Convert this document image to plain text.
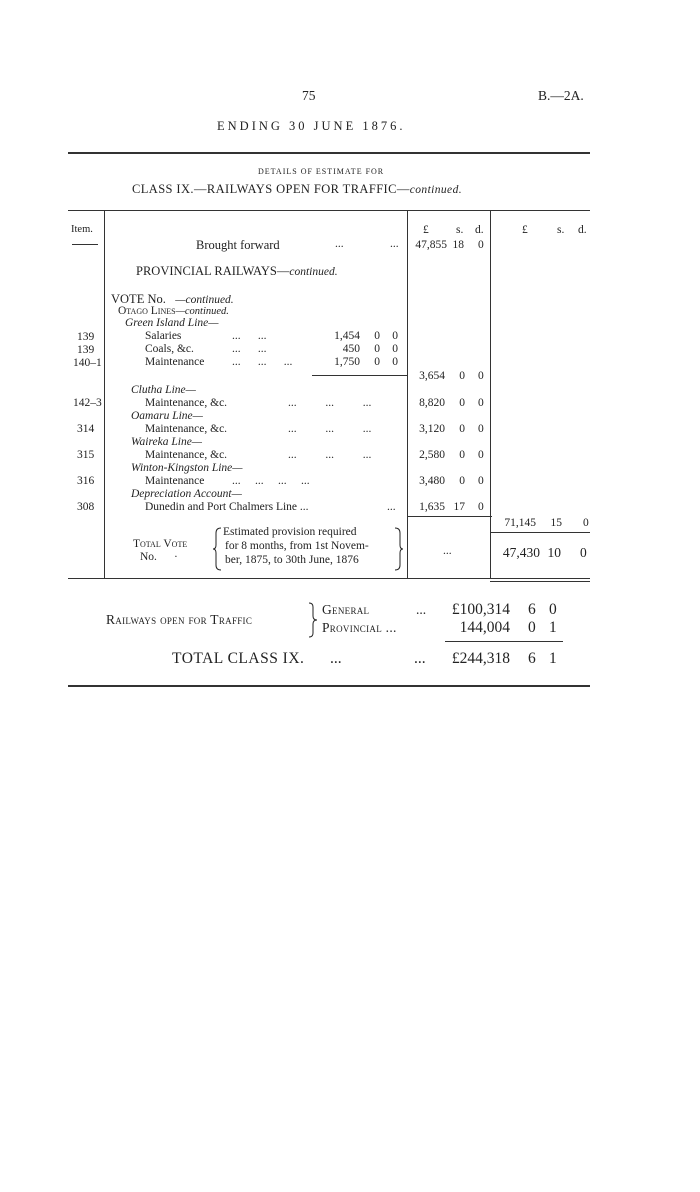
75	B.—2A.
ENDING 30 JUNE 1876.
DETAILS OF ESTIMATE FOR
CLASS IX.—RAILWAYS OPEN FOR TRAFFIC—continued.
Item.	£ s. d.	£	s. d.
Brought forward	...	...	47,855 18 0
PROVINCIAL RAILWAYS—continued.
VOTE No. —continued.
Otago Lines—continued.
Green Island Line—
139	Salaries	...      ...	1,454	0	0
139	Coals, &c.	...      ...	450	0	0
140–1	Maintenance ...      ...      ...	1,750	0	0
3,654	0 0
Clutha Line—
142–3	Maintenance, &c.	...          ...          ...	8,820	0 0
Oamaru Line—
314	Maintenance, &c.	...          ...          ...	3,120	0 0
Waireka Line—
315	Maintenance, &c.	...          ...          ...	2,580	0 0
Winton-Kingston Line—
316	Maintenance ...     ...     ...     ...	3,480	0 0
Depreciation Account—
308	Dunedin and Port Chalmers Line ...	...	1,635 17 0
71,145 15 0
Total Vote
No. ·
Estimated provision required
for 8 months, from 1st Novem-
ber, 1875, to 30th June, 1876
...	47,430 10 0
Railways open for Traffic
General	...	£100,314 6 0
Provincial ...	144,004 0 1
TOTAL CLASS IX. ...	...	£244,318 6 1
